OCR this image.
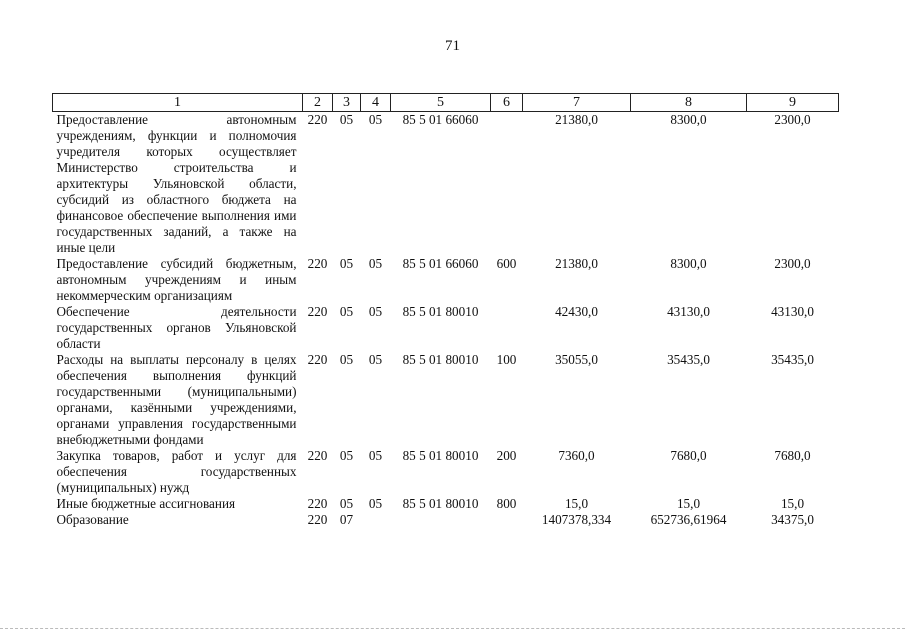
71
1	2	3	4	5	6	7	8	9
Предоставление автономным учреждениям, функции и полномочия учредителя которых осуществляет Министерство строительства и архитектуры Ульяновской области, субсидий из областного бюджета на финансовое обеспечение выполнения ими государственных заданий, а также на иные цели	220	05	05	85 5 01 66060		21380,0	8300,0	2300,0
Предоставление субсидий бюджетным, автономным учреждениям и иным некоммерческим организациям	220	05	05	85 5 01 66060	600	21380,0	8300,0	2300,0
Обеспечение деятельности государственных органов Ульяновской области	220	05	05	85 5 01 80010		42430,0	43130,0	43130,0
Расходы на выплаты персоналу в целях обеспечения выполнения функций государственными (муниципальными) органами, казёнными учреждениями, органами управления государственными внебюджетными фондами	220	05	05	85 5 01 80010	100	35055,0	35435,0	35435,0
Закупка товаров, работ и услуг для обеспечения государственных (муниципальных) нужд	220	05	05	85 5 01 80010	200	7360,0	7680,0	7680,0
Иные бюджетные ассигнования	220	05	05	85 5 01 80010	800	15,0	15,0	15,0
Образование	220	07				1407378,334	652736,61964	34375,0
